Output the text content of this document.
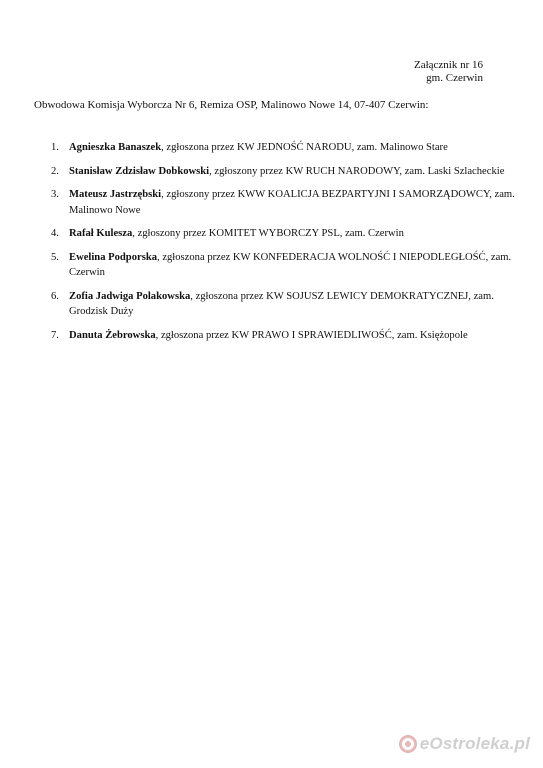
Załącznik nr 16
gm. Czerwin
Obwodowa Komisja Wyborcza Nr 6, Remiza OSP, Malinowo Nowe 14, 07-407 Czerwin:
1. Agnieszka Banaszek, zgłoszona przez KW JEDNOŚĆ NARODU, zam. Malinowo Stare
2. Stanisław Zdzisław Dobkowski, zgłoszony przez KW RUCH NARODOWY, zam. Laski Szlacheckie
3. Mateusz Jastrzębski, zgłoszony przez KWW KOALICJA BEZPARTYJNI I SAMORZĄDOWCY, zam. Malinowo Nowe
4. Rafał Kulesza, zgłoszony przez KOMITET WYBORCZY PSL, zam. Czerwin
5. Ewelina Podporska, zgłoszona przez KW KONFEDERACJA WOLNOŚĆ I NIEPODLEGŁOŚĆ, zam. Czerwin
6. Zofia Jadwiga Polakowska, zgłoszona przez KW SOJUSZ LEWICY DEMOKRATYCZNEJ, zam. Grodzisk Duży
7. Danuta Żebrowska, zgłoszona przez KW PRAWO I SPRAWIEDLIWOŚĆ, zam. Księżopole
eOstroleka.pl
